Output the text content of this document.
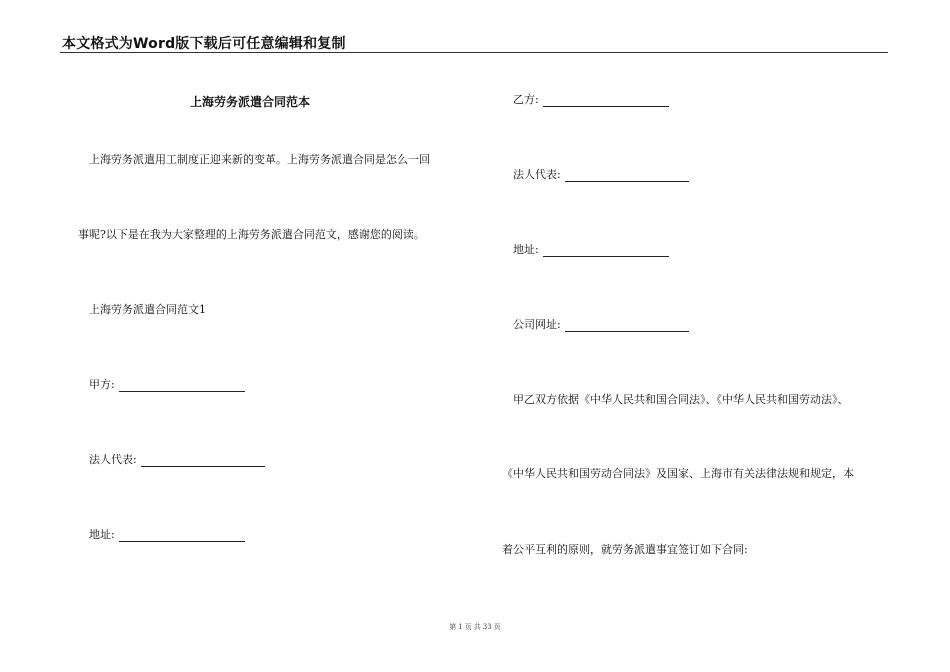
本文格式为Word版下载后可任意编辑和复制
上海劳务派遣合同范本
上海劳务派遣用工制度正迎来新的变革。上海劳务派遣合同是怎么一回
事呢?以下是在我为大家整理的上海劳务派遣合同范文，感谢您的阅读。
上海劳务派遣合同范文1
甲方:
法人代表:
地址:
乙方:
法人代表:
地址:
公司网址:
甲乙双方依据《中华人民共和国合同法》、《中华人民共和国劳动法》、
《中华人民共和国劳动合同法》及国家、上海市有关法律法规和规定，本
着公平互利的原则，就劳务派遣事宜签订如下合同:
第 1 页 共 33 页
